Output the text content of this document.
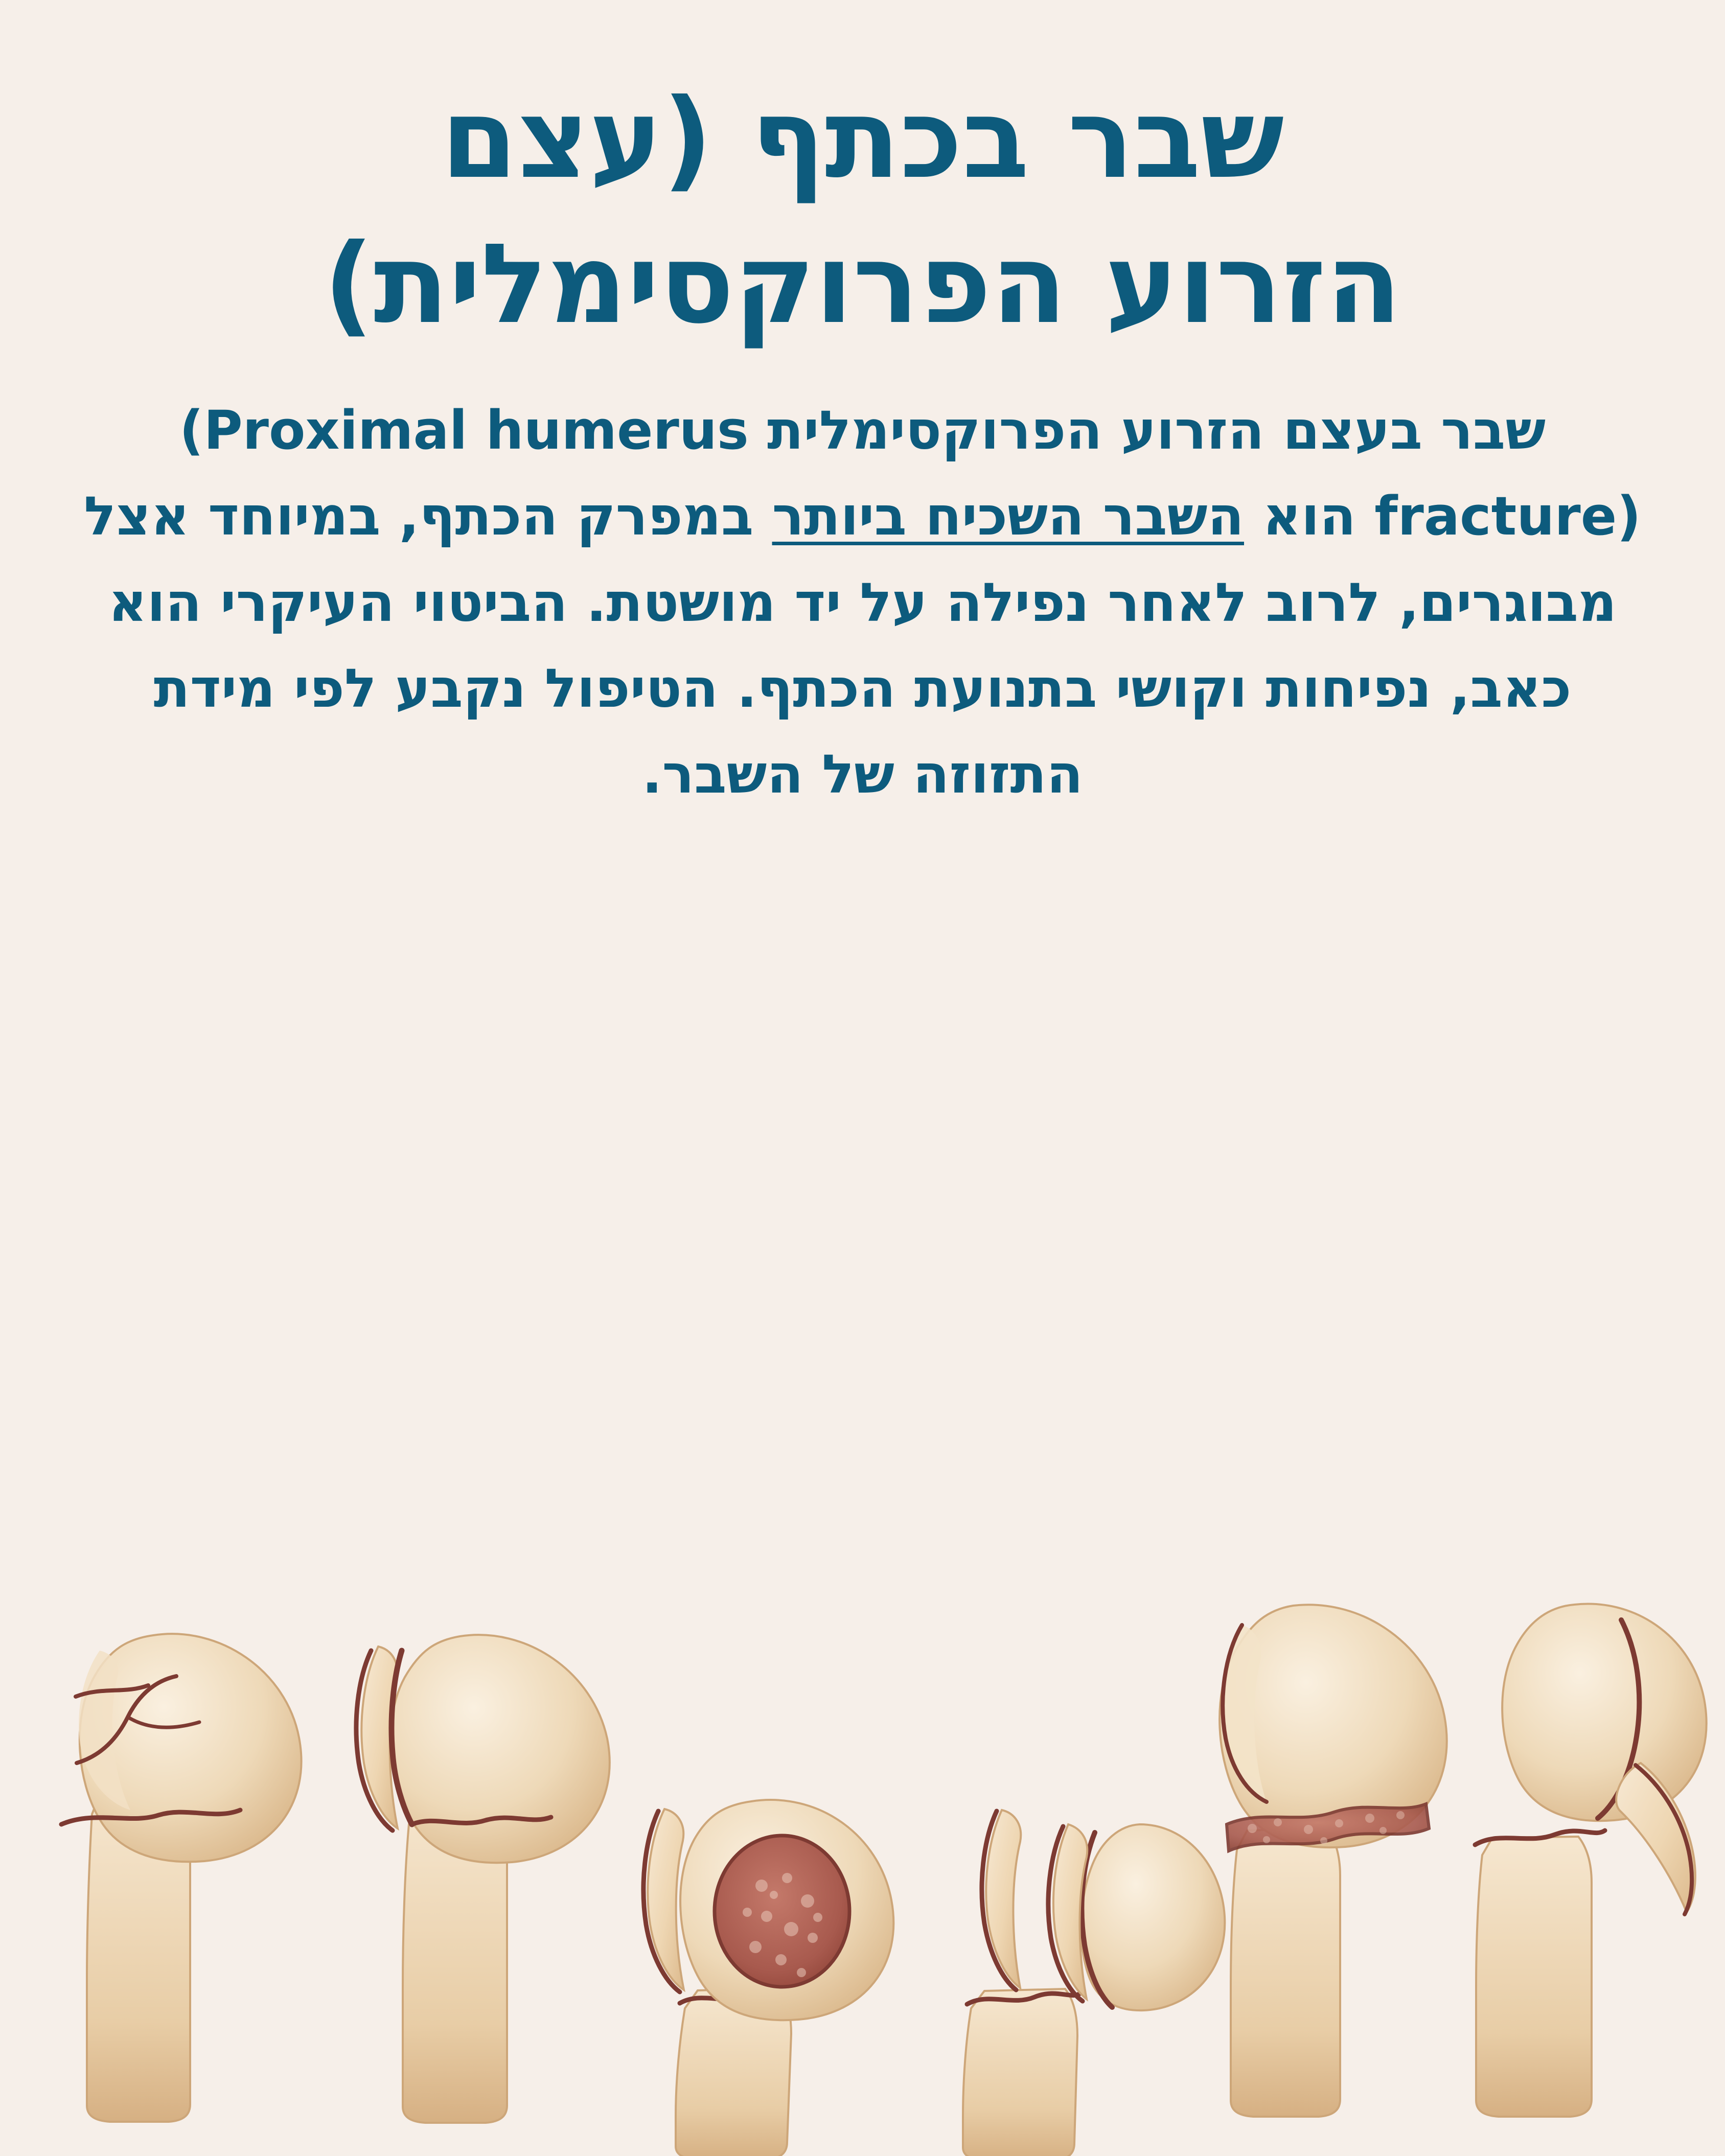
שבר בכתף (עצם
הזרוע הפרוקסימלית)
שבר בעצם הזרוע הפרוקסימלית (Proximal humerus fracture) הוא השבר השכיח ביותר במפרק הכתף, במיוחד אצל מבוגרים, לרוב לאחר נפילה על יד מושטת. הביטוי העיקרי הוא כאב, נפיחות וקושי בתנועת הכתף. הטיפול נקבע לפי מידת התזוזה של השבר.
